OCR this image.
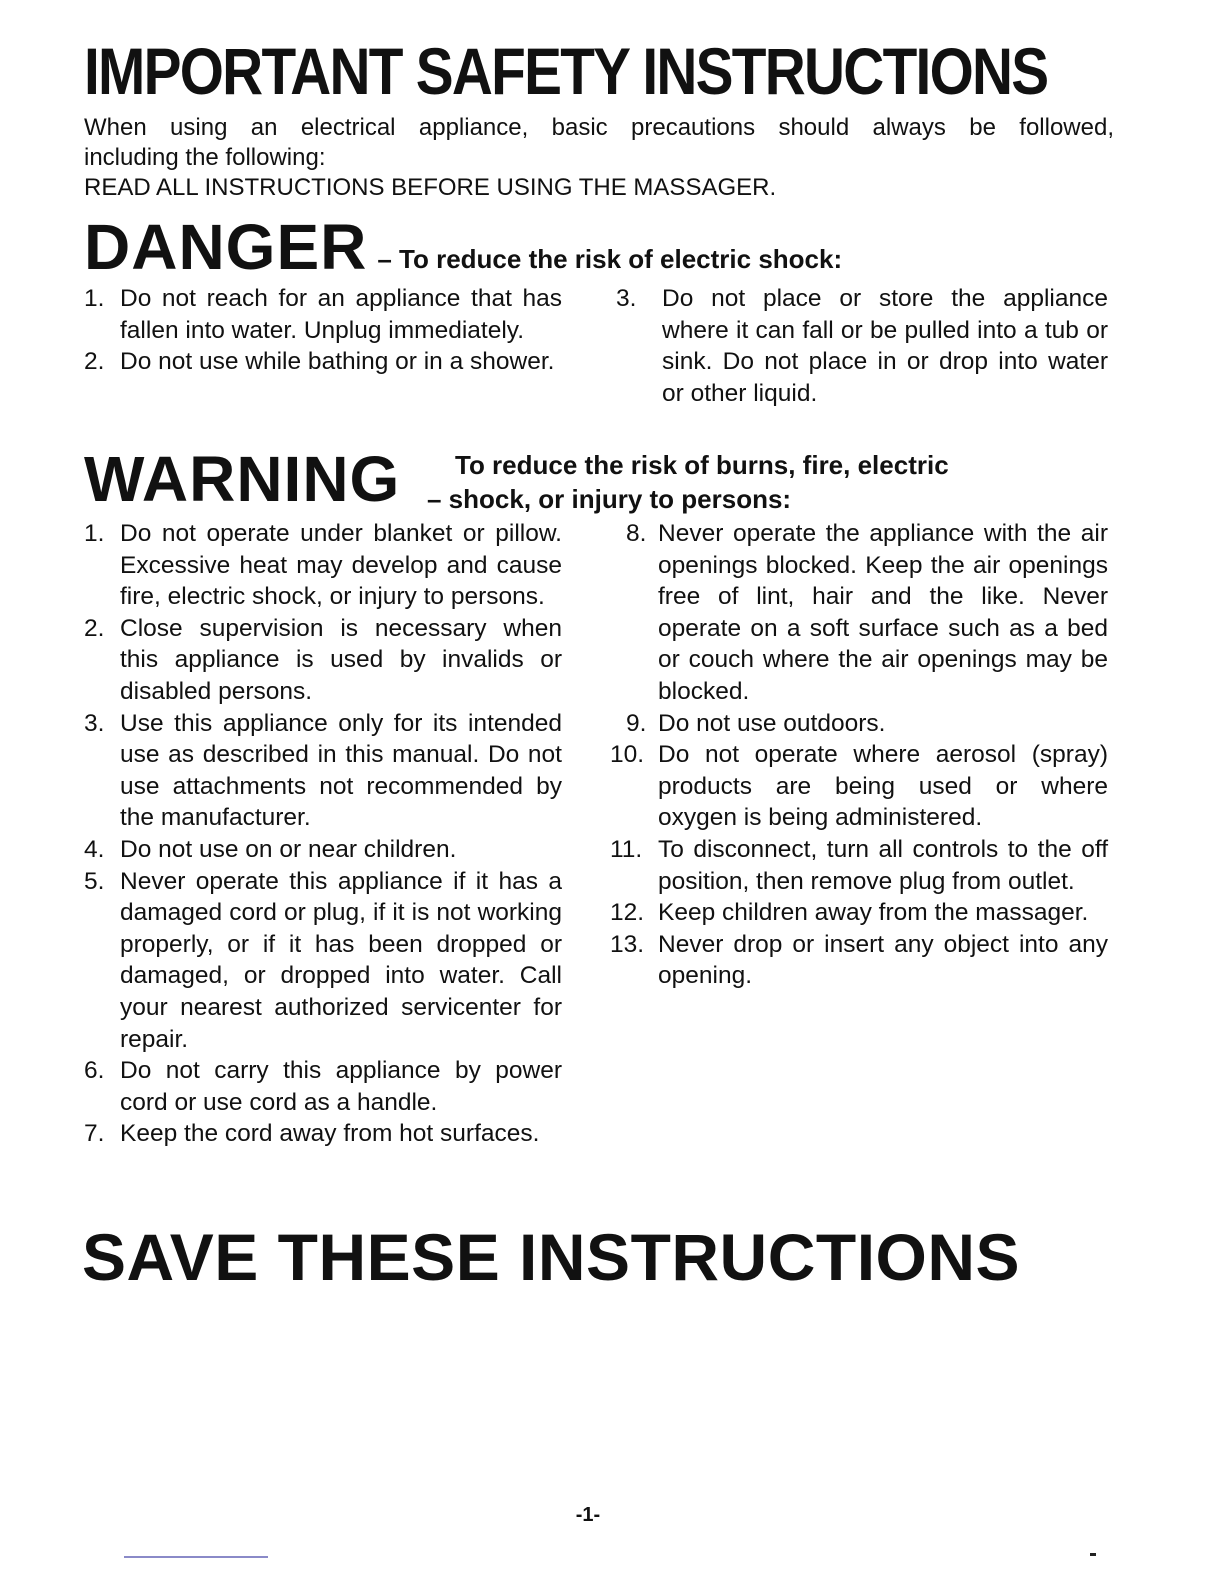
IMPORTANT SAFETY INSTRUCTIONS

When using an electrical appliance, basic precautions should always be followed,

including the following:

READ ALL INSTRUCTIONS BEFORE USING THE MASSAGER.

DANGER – To reduce the risk of electric shock:
1. Do not reach for an appliance that has fallen into water. Unplug immediately.
2. Do not use while bathing or in a shower.
3. Do not place or store the appliance where it can fall or be pulled into a tub or sink. Do not place in or drop into water or other liquid.
WARNING To reduce the risk of burns, fire, electric
– shock, or injury to persons:
1. Do not operate under blanket or pillow. Excessive heat may develop and cause fire, electric shock, or injury to persons.
2. Close supervision is necessary when this appliance is used by invalids or disabled persons.
3. Use this appliance only for its intended use as described in this manual. Do not use attachments not recommended by the manufacturer.
4. Do not use on or near children.
5. Never operate this appliance if it has a damaged cord or plug, if it is not working properly, or if it has been dropped or damaged, or dropped into water. Call your nearest authorized servicenter for repair.
6. Do not carry this appliance by power cord or use cord as a handle.
7. Keep the cord away from hot surfaces.
8. Never operate the appliance with the air openings blocked. Keep the air openings free of lint, hair and the like. Never operate on a soft surface such as a bed or couch where the air openings may be blocked.
9. Do not use outdoors.
10. Do not operate where aerosol (spray) products are being used or where oxygen is being administered.
11. To disconnect, turn all controls to the off position, then remove plug from outlet.
12. Keep children away from the massager.
13. Never drop or insert any object into any opening.
SAVE THESE INSTRUCTIONS
-1-
